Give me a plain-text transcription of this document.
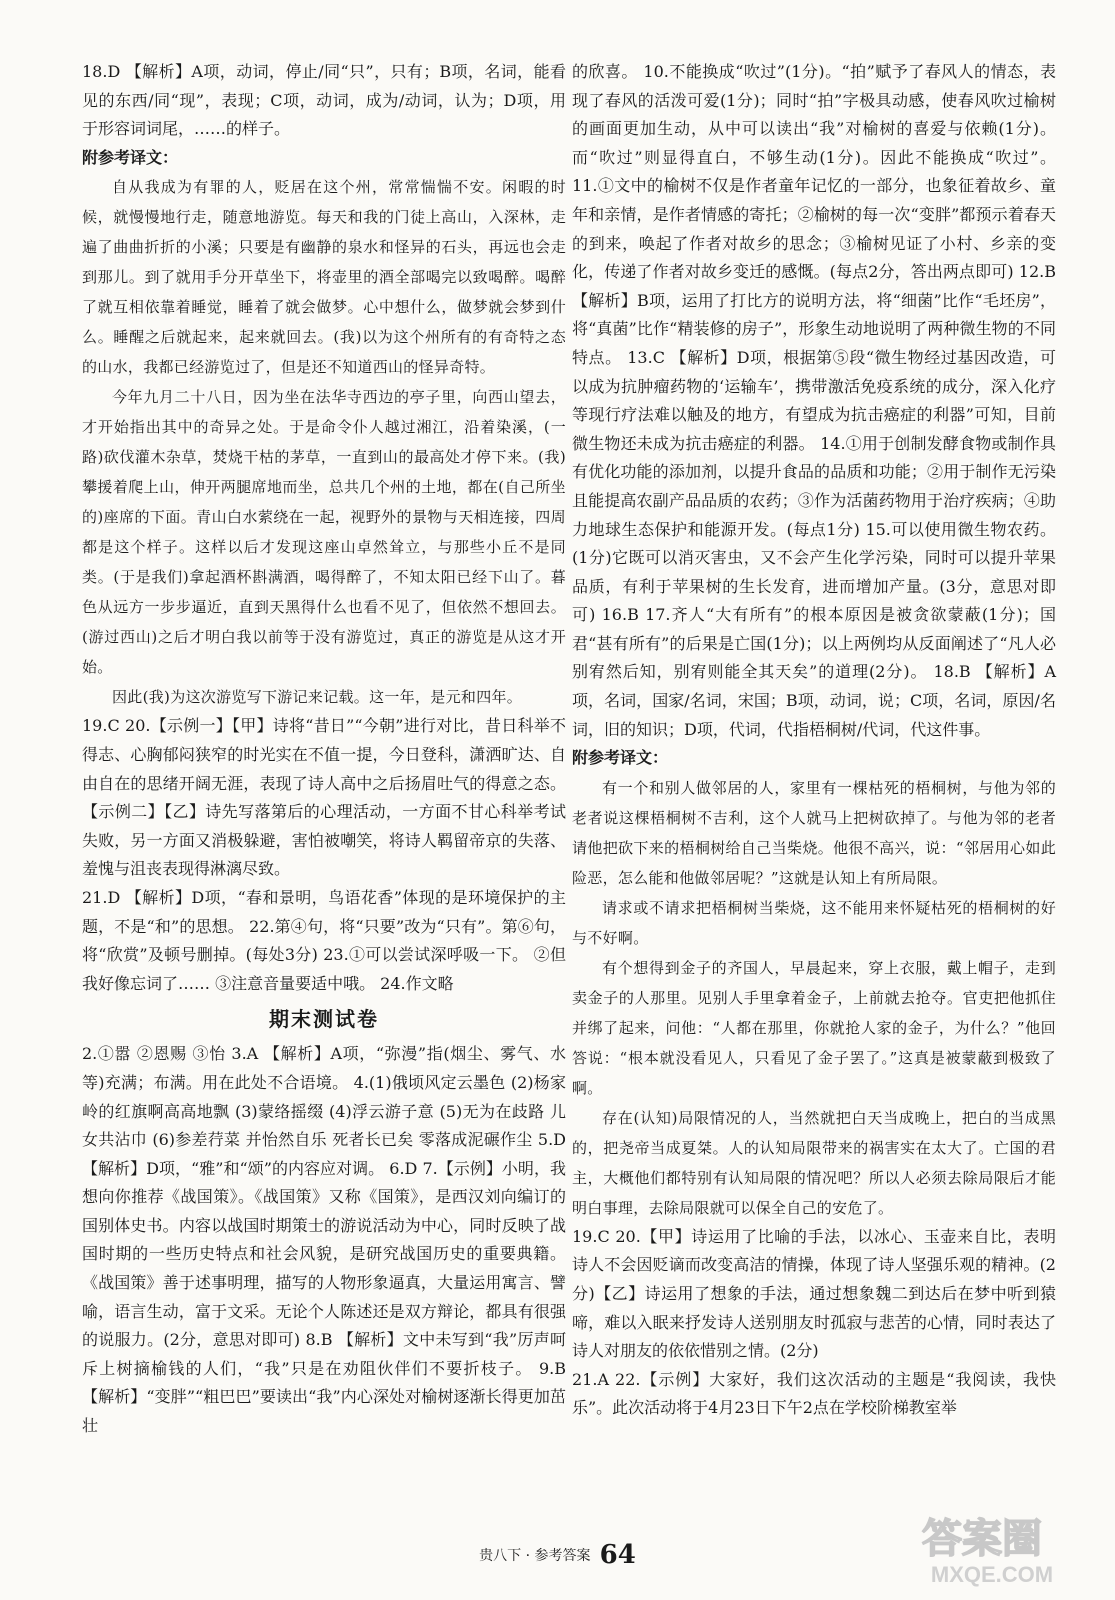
18.D 【解析】A项，动词，停止/同“只”，只有；B项，名词，能看见的东西/同“现”，表现；C项，动词，成为/动词，认为；D项，用于形容词词尾，……的样子。

附参考译文：

自从我成为有罪的人，贬居在这个州，常常惴惴不安。闲暇的时候，就慢慢地行走，随意地游览。每天和我的门徒上高山，入深林，走遍了曲曲折折的小溪；只要是有幽静的泉水和怪异的石头，再远也会走到那儿。到了就用手分开草坐下，将壶里的酒全部喝完以致喝醉。喝醉了就互相依靠着睡觉，睡着了就会做梦。心中想什么，做梦就会梦到什么。睡醒之后就起来，起来就回去。(我)以为这个州所有的有奇特之态的山水，我都已经游览过了，但是还不知道西山的怪异奇特。

今年九月二十八日，因为坐在法华寺西边的亭子里，向西山望去，才开始指出其中的奇异之处。于是命令仆人越过湘江，沿着染溪，(一路)砍伐灌木杂草，焚烧干枯的茅草，一直到山的最高处才停下来。(我)攀援着爬上山，伸开两腿席地而坐，总共几个州的土地，都在(自己所坐的)座席的下面。青山白水萦绕在一起，视野外的景物与天相连接，四周都是这个样子。这样以后才发现这座山卓然耸立，与那些小丘不是同类。(于是我们)拿起酒杯斟满酒，喝得醉了，不知太阳已经下山了。暮色从远方一步步逼近，直到天黑得什么也看不见了，但依然不想回去。(游过西山)之后才明白我以前等于没有游览过，真正的游览是从这才开始。

因此(我)为这次游览写下游记来记载。这一年，是元和四年。

19.C 20.【示例一】【甲】诗将“昔日”“今朝”进行对比，昔日科举不得志、心胸郁闷狭窄的时光实在不值一提，今日登科，潇洒旷达、自由自在的思绪开阔无涯，表现了诗人高中之后扬眉吐气的得意之态。【示例二】【乙】诗先写落第后的心理活动，一方面不甘心科举考试失败，另一方面又消极躲避，害怕被嘲笑，将诗人羁留帝京的失落、羞愧与沮丧表现得淋漓尽致。

21.D 【解析】D项，“春和景明，鸟语花香”体现的是环境保护的主题，不是“和”的思想。 22.第④句，将“只要”改为“只有”。第⑥句，将“欣赏”及顿号删掉。(每处3分) 23.①可以尝试深呼吸一下。 ②但我好像忘词了…… ③注意音量要适中哦。 24.作文略

期末测试卷

2.①嚣 ②恩赐 ③怡 3.A 【解析】A项，“弥漫”指(烟尘、雾气、水等)充满；布满。用在此处不合语境。 4.(1)俄顷风定云墨色 (2)杨家岭的红旗啊高高地飘 (3)蒙络摇缀 (4)浮云游子意 (5)无为在歧路 儿女共沾巾 (6)参差荇菜 并怡然自乐 死者长已矣 零落成泥碾作尘 5.D 【解析】D项，“雅”和“颂”的内容应对调。 6.D 7.【示例】小明，我想向你推荐《战国策》。《战国策》又称《国策》，是西汉刘向编订的国别体史书。内容以战国时期策士的游说活动为中心，同时反映了战国时期的一些历史特点和社会风貌，是研究战国历史的重要典籍。《战国策》善于述事明理，描写的人物形象逼真，大量运用寓言、譬喻，语言生动，富于文采。无论个人陈述还是双方辩论，都具有很强的说服力。(2分，意思对即可) 8.B 【解析】文中未写到“我”厉声呵斥上树摘榆钱的人们，“我”只是在劝阻伙伴们不要折枝子。 9.B 【解析】“变胖”“粗巴巴”要读出“我”内心深处对榆树逐渐长得更加茁壮

的欣喜。 10.不能换成“吹过”(1分)。“拍”赋予了春风人的情态，表现了春风的活泼可爱(1分)；同时“拍”字极具动感，使春风吹过榆树的画面更加生动，从中可以读出“我”对榆树的喜爱与依赖(1分)。而“吹过”则显得直白，不够生动(1分)。因此不能换成“吹过”。 11.①文中的榆树不仅是作者童年记忆的一部分，也象征着故乡、童年和亲情，是作者情感的寄托；②榆树的每一次“变胖”都预示着春天的到来，唤起了作者对故乡的思念；③榆树见证了小村、乡亲的变化，传递了作者对故乡变迁的感慨。(每点2分，答出两点即可) 12.B 【解析】B项，运用了打比方的说明方法，将“细菌”比作“毛坯房”，将“真菌”比作“精装修的房子”，形象生动地说明了两种微生物的不同特点。 13.C 【解析】D项，根据第⑤段“微生物经过基因改造，可以成为抗肿瘤药物的‘运输车’，携带激活免疫系统的成分，深入化疗等现行疗法难以触及的地方，有望成为抗击癌症的利器”可知，目前微生物还未成为抗击癌症的利器。 14.①用于创制发酵食物或制作具有优化功能的添加剂，以提升食品的品质和功能；②用于制作无污染且能提高农副产品品质的农药；③作为活菌药物用于治疗疾病；④助力地球生态保护和能源开发。(每点1分) 15.可以使用微生物农药。(1分)它既可以消灭害虫，又不会产生化学污染，同时可以提升苹果品质，有利于苹果树的生长发育，进而增加产量。(3分，意思对即可) 16.B 17.齐人“大有所有”的根本原因是被贪欲蒙蔽(1分)；国君“甚有所有”的后果是亡国(1分)；以上两例均从反面阐述了“凡人必别宥然后知，别宥则能全其天矣”的道理(2分)。 18.B 【解析】A项，名词，国家/名词，宋国；B项，动词，说；C项，名词，原因/名词，旧的知识；D项，代词，代指梧桐树/代词，代这件事。

附参考译文：

有一个和别人做邻居的人，家里有一棵枯死的梧桐树，与他为邻的老者说这棵梧桐树不吉利，这个人就马上把树砍掉了。与他为邻的老者请他把砍下来的梧桐树给自己当柴烧。他很不高兴，说：“邻居用心如此险恶，怎么能和他做邻居呢？”这就是认知上有所局限。

请求或不请求把梧桐树当柴烧，这不能用来怀疑枯死的梧桐树的好与不好啊。

有个想得到金子的齐国人，早晨起来，穿上衣服，戴上帽子，走到卖金子的人那里。见别人手里拿着金子，上前就去抢夺。官吏把他抓住并绑了起来，问他：“人都在那里，你就抢人家的金子，为什么？”他回答说：“根本就没看见人，只看见了金子罢了。”这真是被蒙蔽到极致了啊。

存在(认知)局限情况的人，当然就把白天当成晚上，把白的当成黑的，把尧帝当成夏桀。人的认知局限带来的祸害实在太大了。亡国的君主，大概他们都特别有认知局限的情况吧？所以人必须去除局限后才能明白事理，去除局限就可以保全自己的安危了。

19.C 20.【甲】诗运用了比喻的手法，以冰心、玉壶来自比，表明诗人不会因贬谪而改变高洁的情操，体现了诗人坚强乐观的精神。(2分)【乙】诗运用了想象的手法，通过想象魏二到达后在梦中听到猿啼，难以入眠来抒发诗人送别朋友时孤寂与悲苦的心情，同时表达了诗人对朋友的依依惜别之情。(2分)

21.A 22.【示例】大家好，我们这次活动的主题是“我阅读，我快乐”。此次活动将于4月23日下午2点在学校阶梯教室举

贵八下 · 参考答案 64	答案圈
MXQE.COM
